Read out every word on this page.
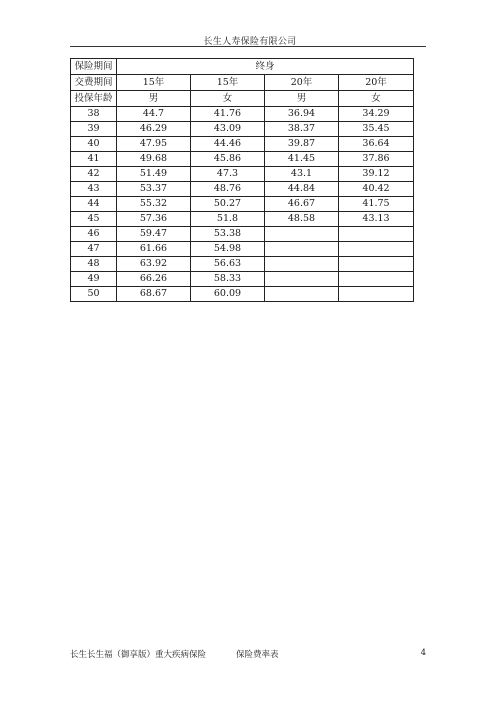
长生人寿保险有限公司
保险期间	终身			
交费期间	15年	15年	20年	20年
投保年龄	男	女	男	女
38	44.7	41.76	36.94	34.29
39	46.29	43.09	38.37	35.45
40	47.95	44.46	39.87	36.64
41	49.68	45.86	41.45	37.86
42	51.49	47.3	43.1	39.12
43	53.37	48.76	44.84	40.42
44	55.32	50.27	46.67	41.75
45	57.36	51.8	48.58	43.13
46	59.47	53.38		
47	61.66	54.98		
48	63.92	56.63		
49	66.26	58.33		
50	68.67	60.09		
长生长生福（御享版）重大疾病保险	保险费率表	4
